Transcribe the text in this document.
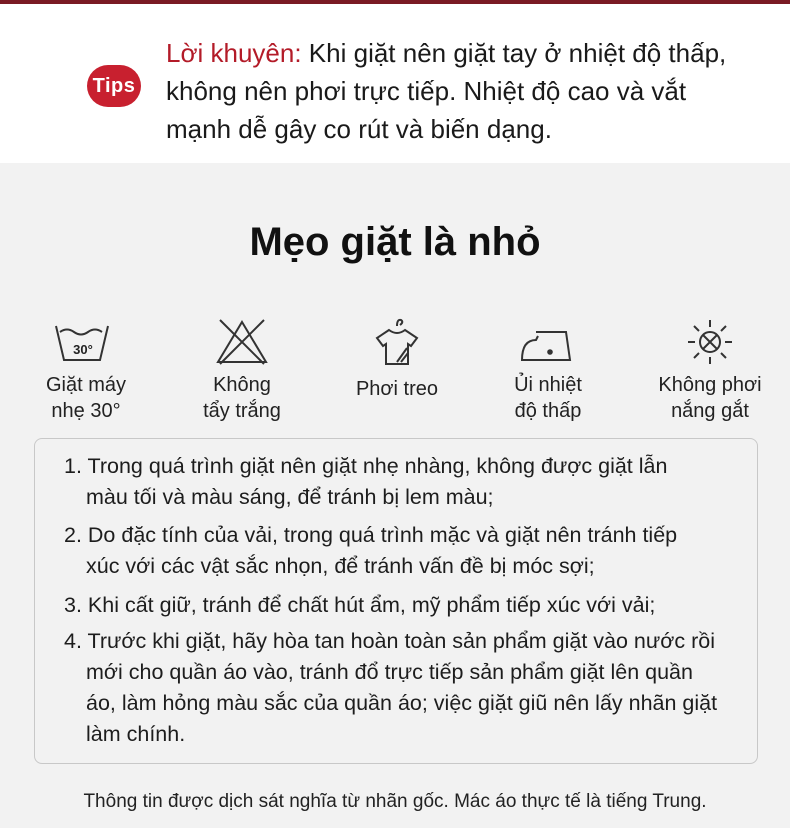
Tips
Lời khuyên: Khi giặt nên giặt tay ở nhiệt độ thấp,
không nên phơi trực tiếp. Nhiệt độ cao và vắt
mạnh dễ gây co rút và biến dạng.
Mẹo giặt là nhỏ
30°
Giặt máy
nhẹ 30°
Không
tẩy trắng
Phơi treo	Ủi nhiệt
độ thấp
Không phơi
nắng gắt
1. Trong quá trình giặt nên giặt nhẹ nhàng, không được giặt lẫn
màu tối và màu sáng, để tránh bị lem màu;
2. Do đặc tính của vải, trong quá trình mặc và giặt nên tránh tiếp
xúc với các vật sắc nhọn, để tránh vấn đề bị móc sợi;
3. Khi cất giữ, tránh để chất hút ẩm, mỹ phẩm tiếp xúc với vải;
4. Trước khi giặt, hãy hòa tan hoàn toàn sản phẩm giặt vào nước rồi
mới cho quần áo vào, tránh đổ trực tiếp sản phẩm giặt lên quần
áo, làm hỏng màu sắc của quần áo; việc giặt giũ nên lấy nhãn giặt
làm chính.
Thông tin được dịch sát nghĩa từ nhãn gốc. Mác áo thực tế là tiếng Trung.
